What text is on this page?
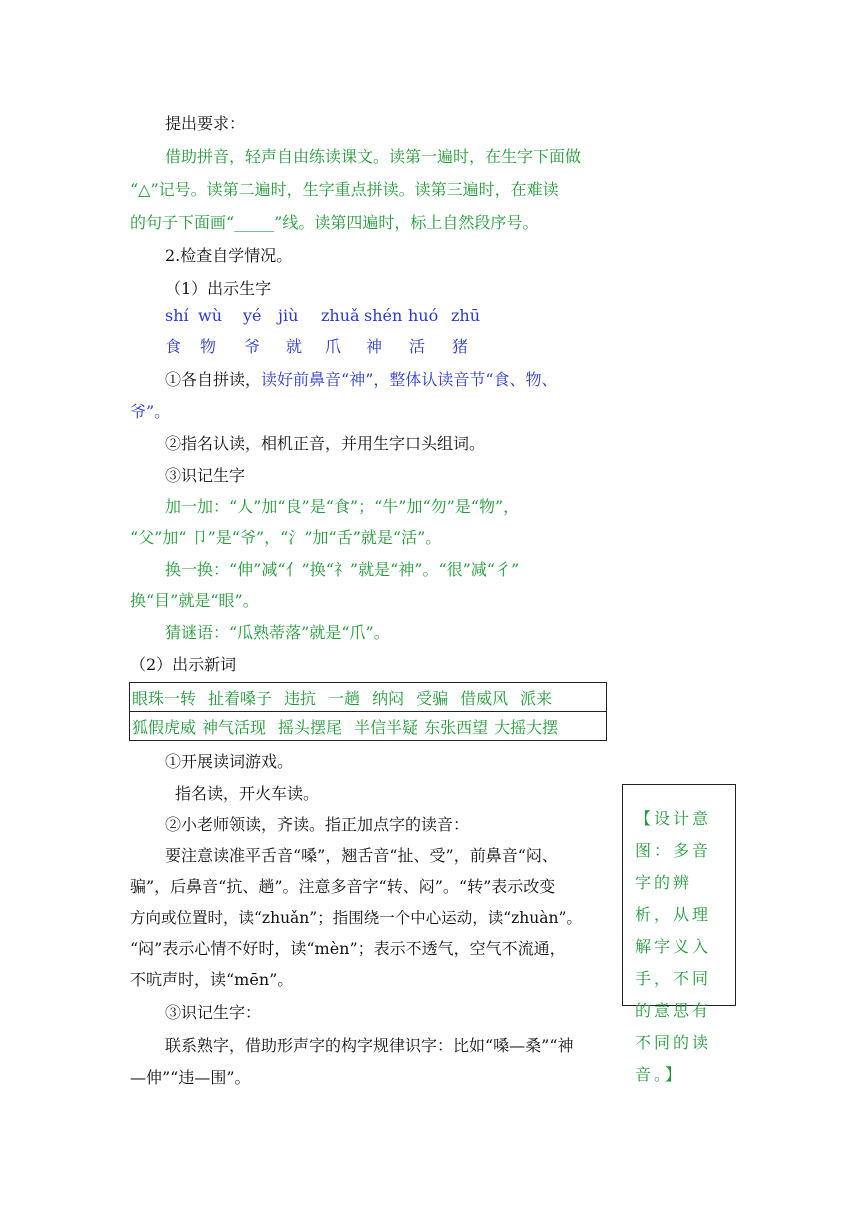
提出要求：
借助拼音，轻声自由练读课文。读第一遍时，在生字下面做
“△”记号。读第二遍时，生字重点拼读。读第三遍时，在难读
的句子下面画“_____”线。读第四遍时，标上自然段序号。
2.检查自学情况。
（1）出示生字
shí wù yé jiù zhuǎ shén huó zhū
食 物 爷 就 爪 神 活 猪
①各自拼读，读好前鼻音“神”，整体认读音节“食、物、
爷”。
②指名认读，相机正音，并用生字口头组词。
③识记生字
加一加：“人”加“良”是“食”；“牛”加“勿”是“物”，
“父”加“ 卩”是“爷”，“氵”加“舌”就是“活”。
换一换：“伸”减“亻”换“礻”就是“神”。“很”减“彳”
换“目”就是“眼”。
猜谜语：“瓜熟蒂落”就是“爪”。
（2）出示新词
眼珠一转 扯着嗓子 违抗 一趟 纳闷 受骗 借威风 派来
狐假虎威 神气活现 摇头摆尾 半信半疑 东张西望 大摇大摆
①开展读词游戏。
指名读，开火车读。
②小老师领读，齐读。指正加点字的读音：
要注意读准平舌音“嗓”，翘舌音“扯、受”，前鼻音“闷、
骗”，后鼻音“抗、趟”。注意多音字“转、闷”。“转”表示改变
方向或位置时，读“zhuǎn”；指围绕一个中心运动，读“zhuàn”。
“闷”表示心情不好时，读“mèn”；表示不透气，空气不流通，
不吭声时，读“mēn”。
③识记生字：
联系熟字，借助形声字的构字规律识字：比如“嗓—桑”“神
—伸”“违—围”。
【设计意图：多音字的辨析，从理解字义入手，不同的意思有不同的读音。】
